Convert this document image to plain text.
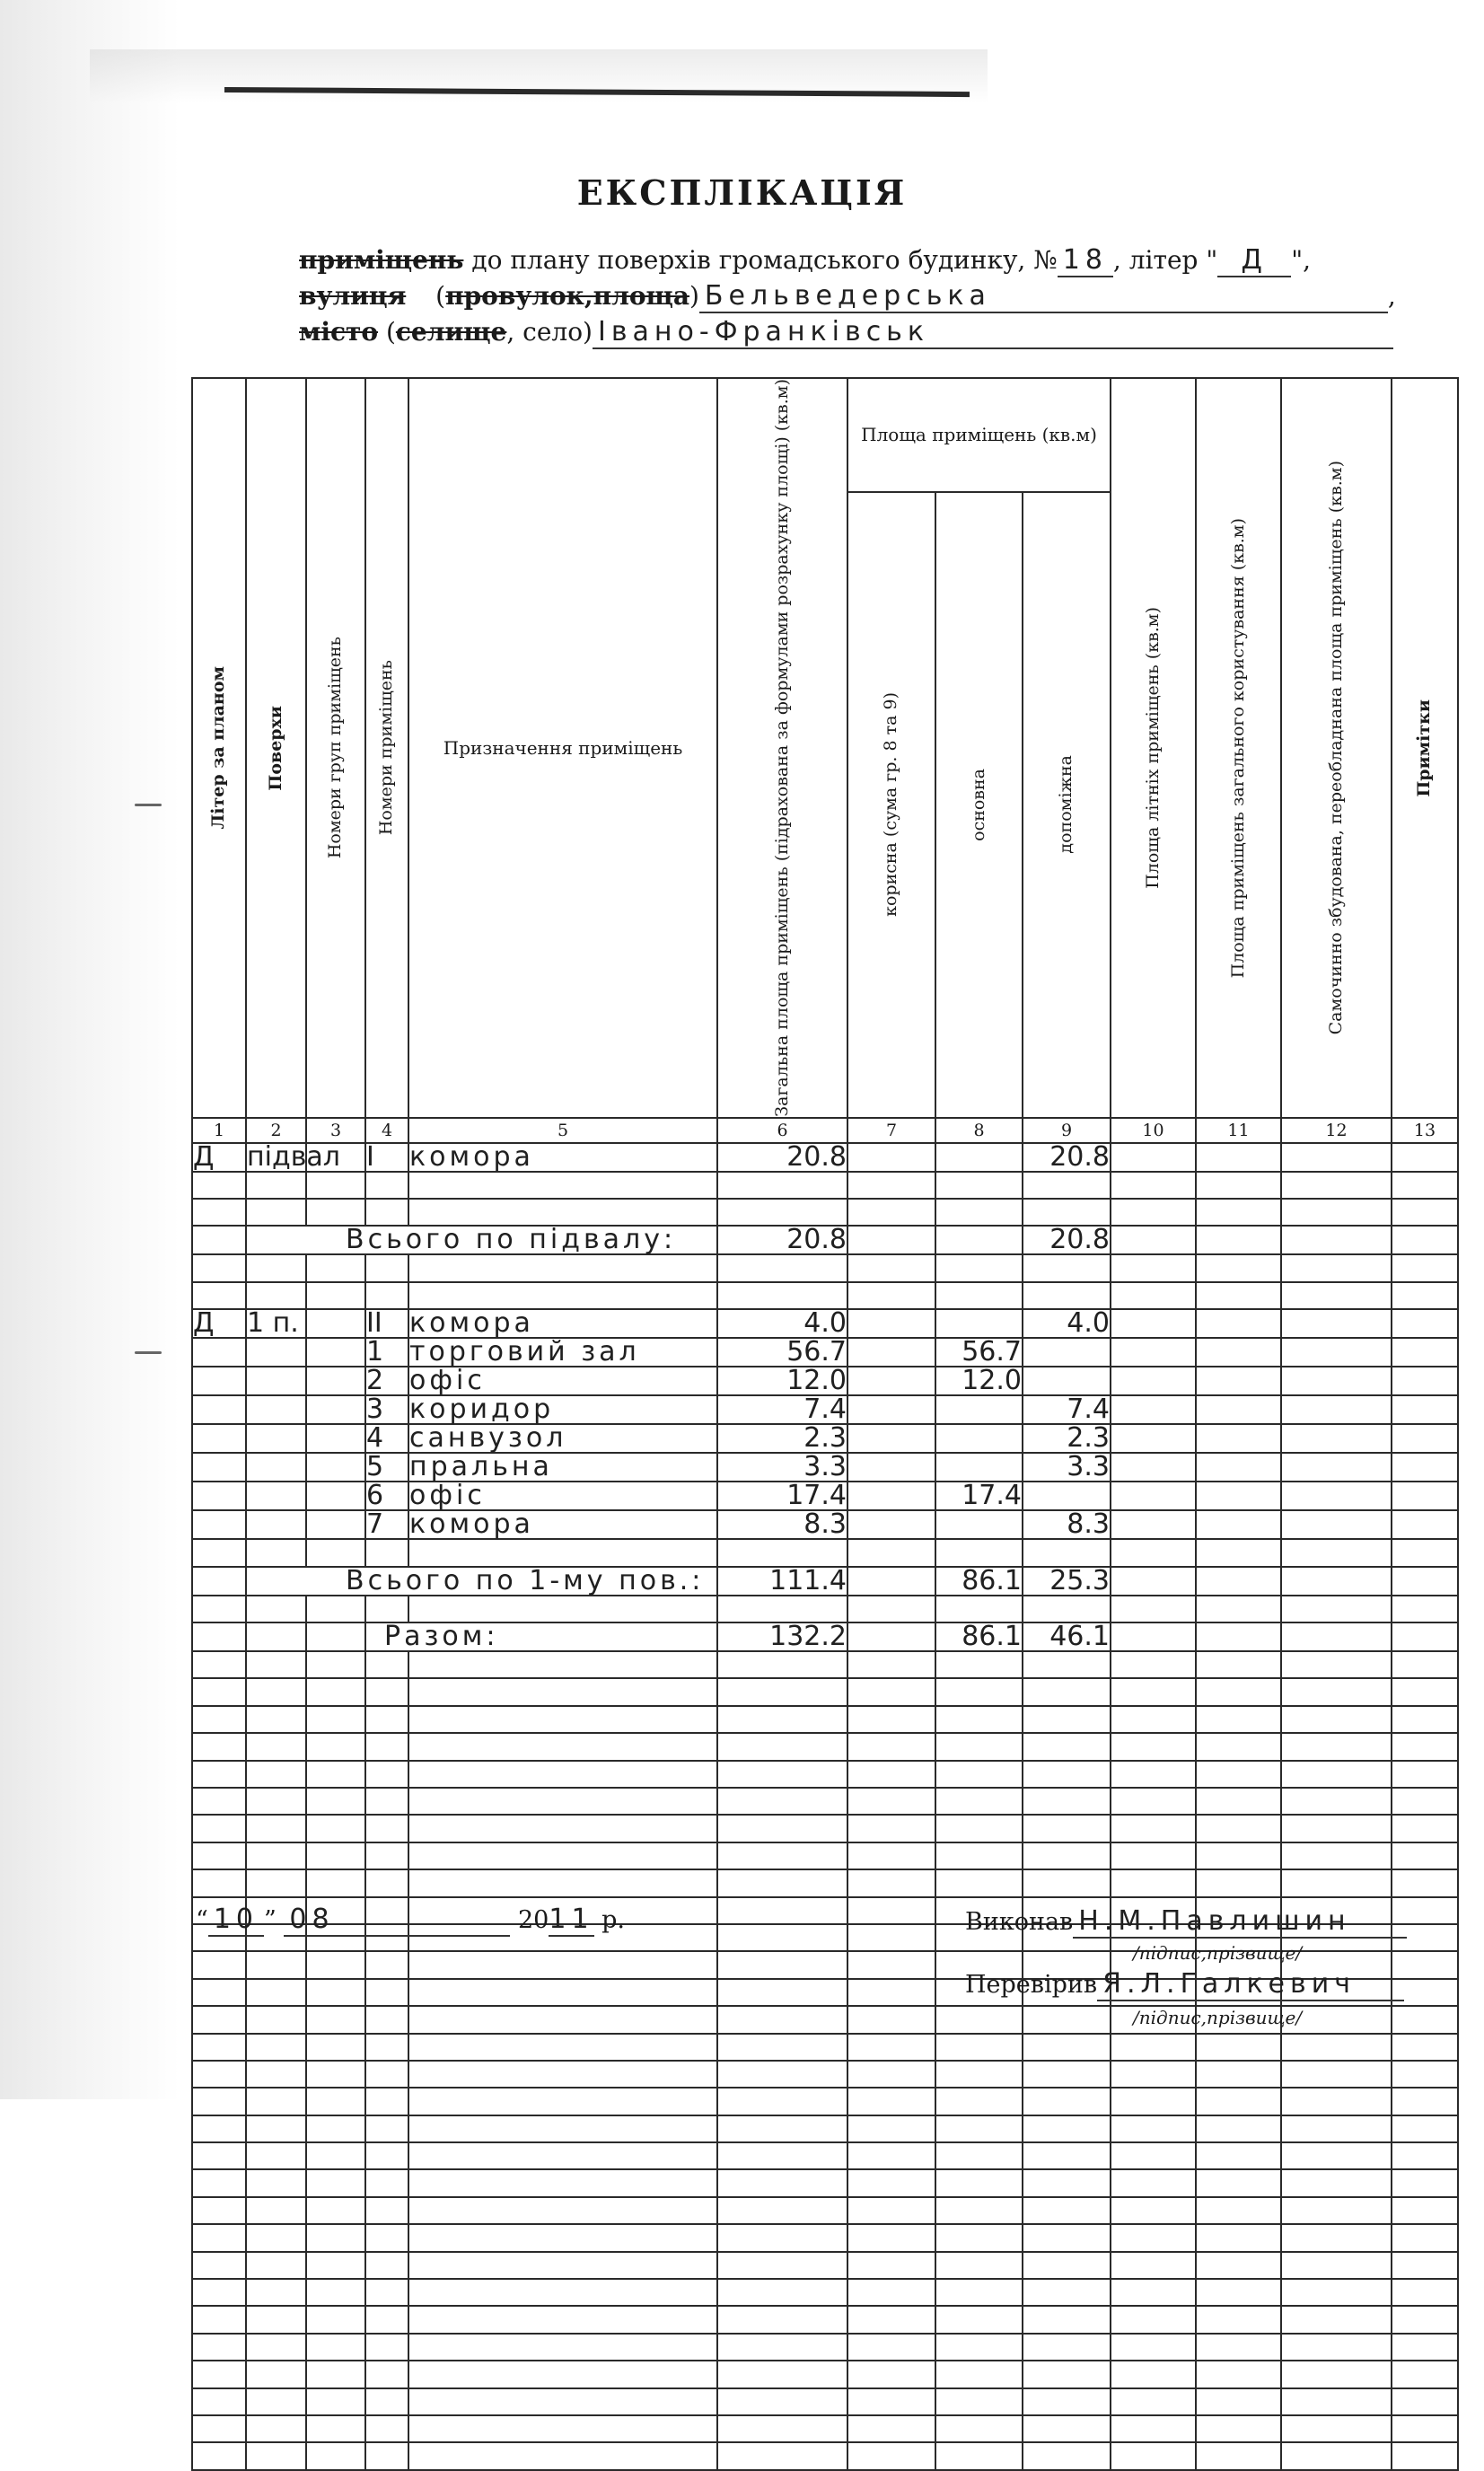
ЕКСПЛІКАЦІЯ
приміщень до плану поверхів громадського будинку, № 18 , літер " Д ",
вулиця (провулок,площа) Бельведерська	,
місто (селище, село) Івано-Франківськ
Літер за планом	Поверхи	Номери груп приміщень	Номери приміщень	Призначення приміщень	Загальна площа приміщень (підрахована за формулами розрахунку площі) (кв.м)	Площа приміщень (кв.м)			Площа літніх приміщень (кв.м)	Площа приміщень загального користування (кв.м)	Самочинно збудована, переобладнана площа приміщень (кв.м)	Примітки

						корисна (сума гр. 8 та 9)	основна	допоміжна				

1	2	3	4	5	6	7	8	9	10	11	12	13
Д	підвал		I	комора	20.8			20.8				

	Всього по підвалу:				20.8			20.8				

Д	1 п.		II	комора	4.0			4.0				
			1	торговий зал	56.7		56.7					
			2	офіс	12.0		12.0					
			3	коридор	7.4			7.4				
			4	санвузол	2.3			2.3				
			5	пральна	3.3			3.3				
			6	офіс	17.4		17.4					
			7	комора	8.3			8.3				

	Всього по 1-му пов.:				111.4		86.1	25.3				

			Разом:		132.2		86.1	46.1				

“ 10 ” 08	2011 р.	Виконав Н.М.Павлишин
/підпис,прізвище/
Перевірив Я.Л.Галкевич
/підпис,прізвище/
